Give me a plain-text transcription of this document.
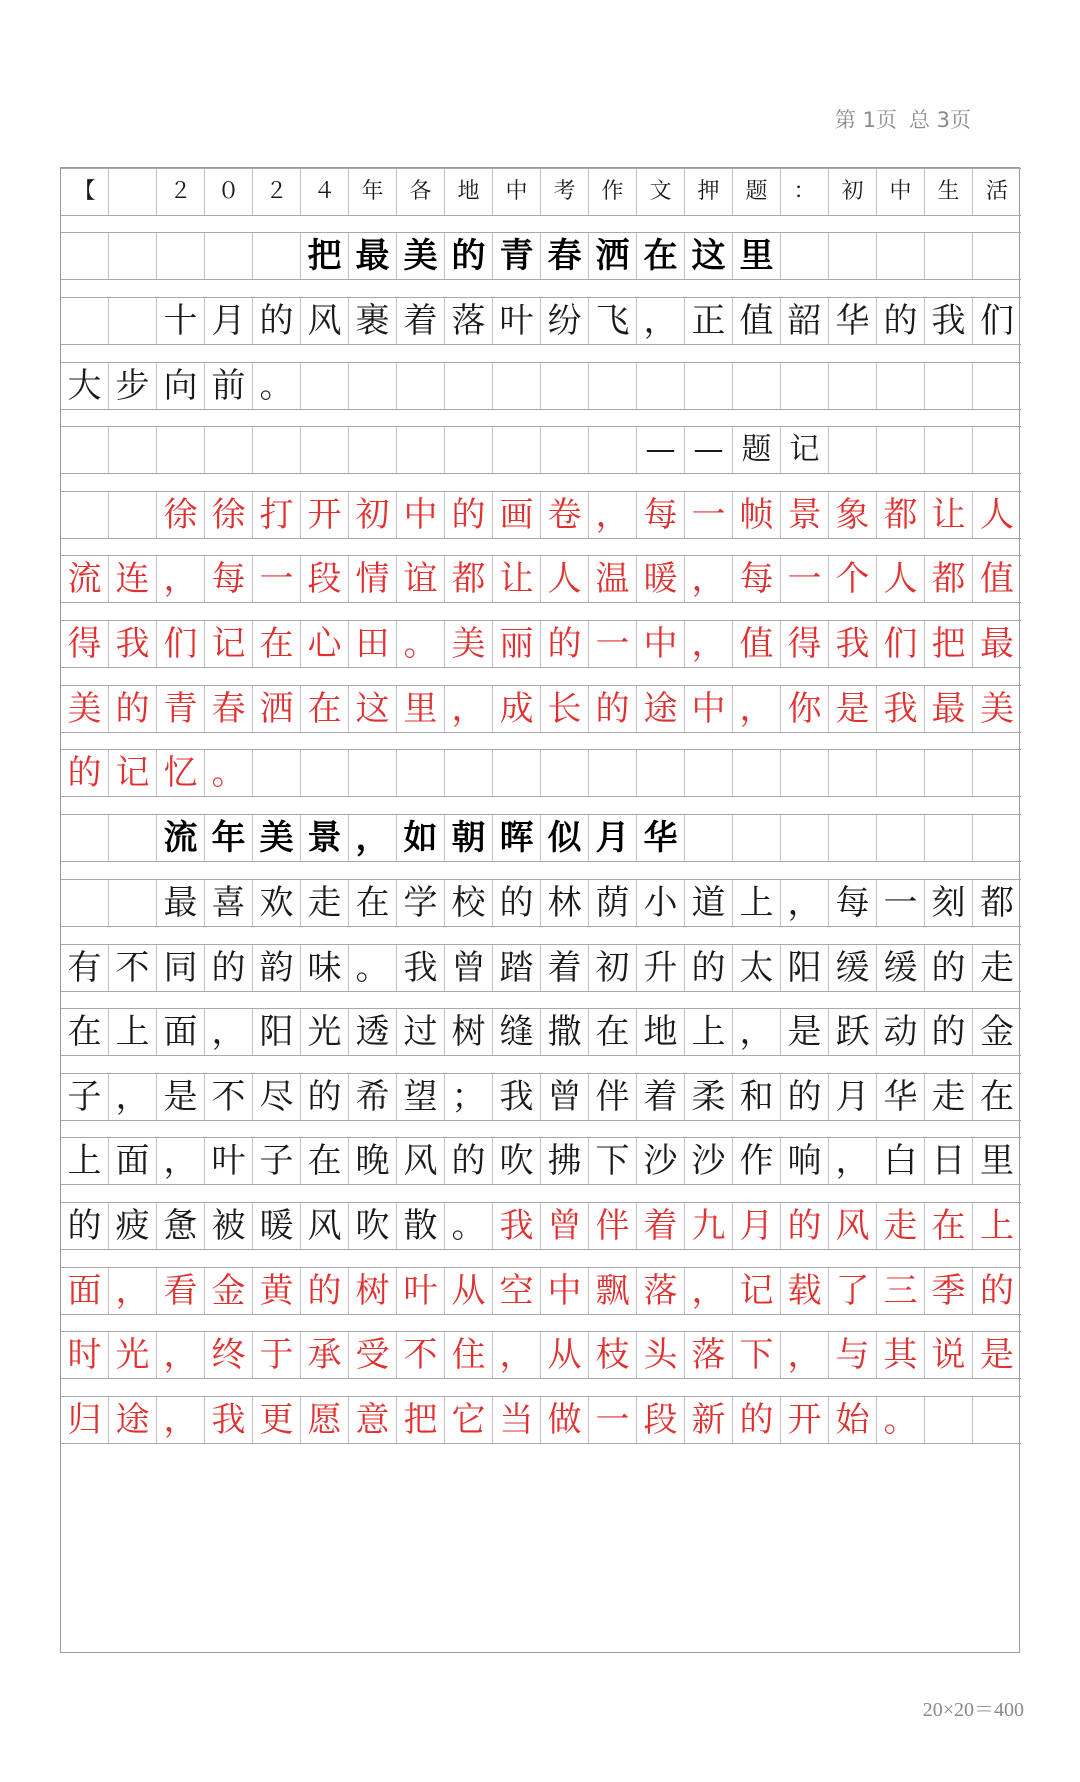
第 1页 总 3页
【	２	０	２	４	年	各	地	中	考	作	文	押	题	：	初	中	生	活
把 最 美 的 青 春 洒 在 这 里
十 月 的 风 裹 着 落 叶 纷 飞 ， 正 值 韶 华 的 我 们
大 步 向 前 。
— — 题 记
徐 徐 打 开 初 中 的 画 卷 ， 每 一 帧 景 象 都 让 人
流 连 ， 每 一 段 情 谊 都 让 人 温 暖 ， 每 一 个 人 都 值
得 我 们 记 在 心 田 。 美 丽 的 一 中 ， 值 得 我 们 把 最
美 的 青 春 洒 在 这 里 ， 成 长 的 途 中 ， 你 是 我 最 美
的 记 忆 。
流 年 美 景 ， 如 朝 晖 似 月 华
最 喜 欢 走 在 学 校 的 林 荫 小 道 上 ， 每 一 刻 都
有 不 同 的 韵 味 。 我 曾 踏 着 初 升 的 太 阳 缓 缓 的 走
在 上 面 ， 阳 光 透 过 树 缝 撒 在 地 上 ， 是 跃 动 的 金
子 ， 是 不 尽 的 希 望 ； 我 曾 伴 着 柔 和 的 月 华 走 在
上 面 ， 叶 子 在 晚 风 的 吹 拂 下 沙 沙 作 响 ， 白 日 里
的 疲 惫 被 暖 风 吹 散 。 我 曾 伴 着 九 月 的 风 走 在 上
面 ， 看 金 黄 的 树 叶 从 空 中 飘 落 ， 记 载 了 三 季 的
时 光 ， 终 于 承 受 不 住 ， 从 枝 头 落 下 ， 与 其 说 是
归 途 ， 我 更 愿 意 把 它 当 做 一 段 新 的 开 始 。
20×20＝400
